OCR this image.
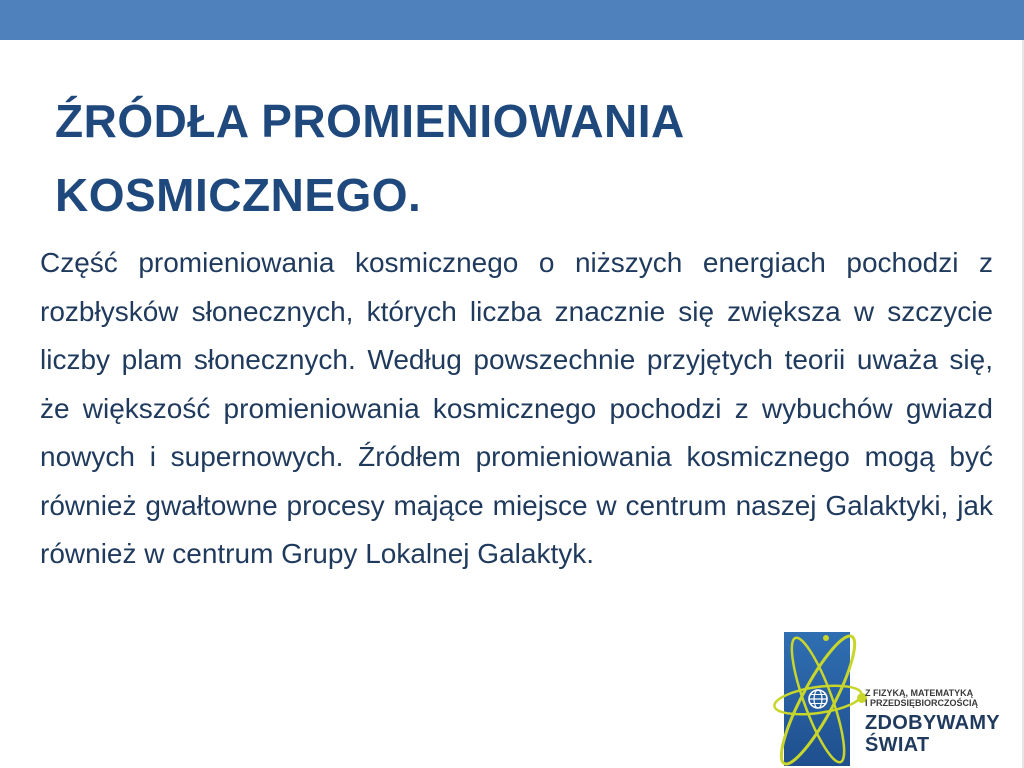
ŹRÓDŁA PROMIENIOWANIA KOSMICZNEGO.

Część promieniowania kosmicznego o niższych energiach pochodzi z rozbłysków słonecznych, których liczba znacznie się zwiększa w szczycie liczby plam słonecznych. Według powszechnie przyjętych teorii uważa się, że większość promieniowania kosmicznego pochodzi z wybuchów gwiazd nowych i supernowych. Źródłem promieniowania kosmicznego mogą być również gwałtowne procesy mające miejsce w centrum naszej Galaktyki, jak również w centrum Grupy Lokalnej Galaktyk.

Z FIZYKĄ, MATEMATYKĄ
I PRZEDSIĘBIORCZOŚCIĄ
ZDOBYWAMY
ŚWIAT
